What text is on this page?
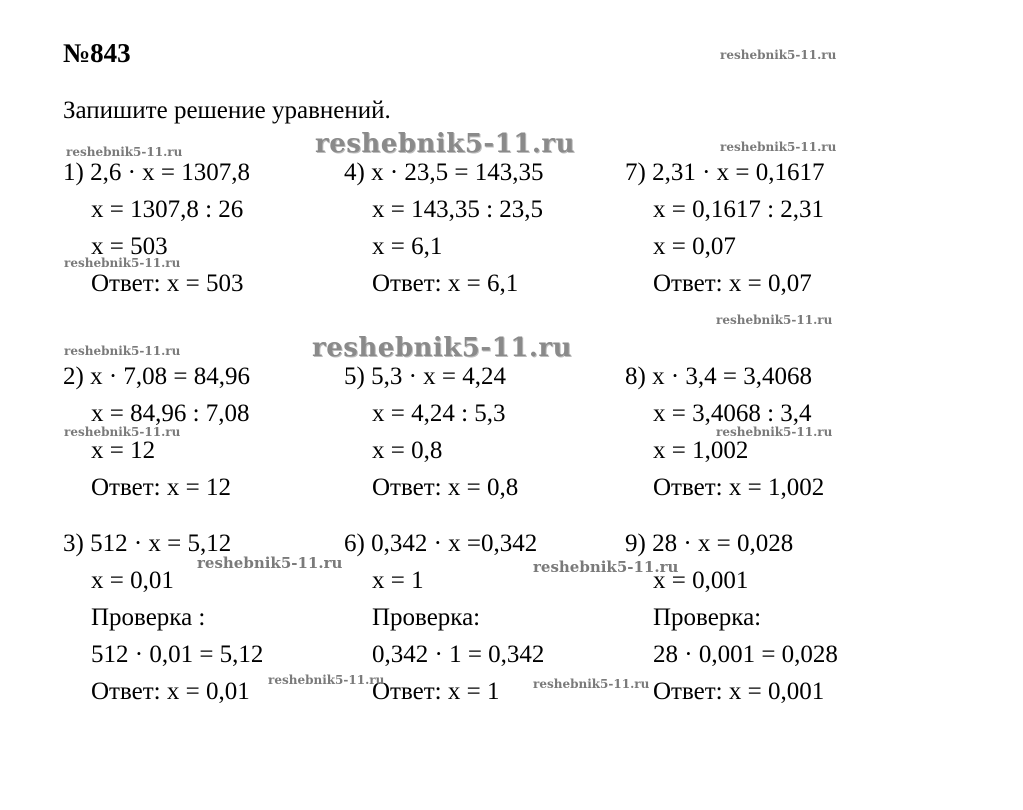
№843
Запишите решение уравнений.
1) 2,6 · x = 1307,8
x = 1307,8 : 26
x = 503
Ответ: x = 503
4) x · 23,5 = 143,35
x = 143,35 : 23,5
x = 6,1
Ответ: x = 6,1
7) 2,31 · x = 0,1617
x = 0,1617 : 2,31
x = 0,07
Ответ: x = 0,07
2) x · 7,08 = 84,96
x = 84,96 : 7,08
x = 12
Ответ: x = 12
5) 5,3 · x = 4,24
x = 4,24 : 5,3
x = 0,8
Ответ: x = 0,8
8) x · 3,4 = 3,4068
x = 3,4068 : 3,4
x = 1,002
Ответ: x = 1,002
3) 512 · x = 5,12
x = 0,01
Проверка :
512 · 0,01 = 5,12
Ответ: x = 0,01
6) 0,342 · x =0,342
x = 1
Проверка:
0,342 · 1 = 0,342
Ответ: x = 1
9) 28 · x = 0,028
x = 0,001
Проверка:
28 · 0,001 = 0,028
Ответ: x = 0,001
reshebnik5-11.ru
reshebnik5-11.ru
reshebnik5-11.ru	reshebnik5-11.ru
reshebnik5-11.ru
reshebnik5-11.ru
reshebnik5-11.ru
reshebnik5-11.ru
reshebnik5-11.ru	reshebnik5-11.ru
reshebnik5-11.ru	reshebnik5-11.ru
reshebnik5-11.ru	reshebnik5-11.ru
